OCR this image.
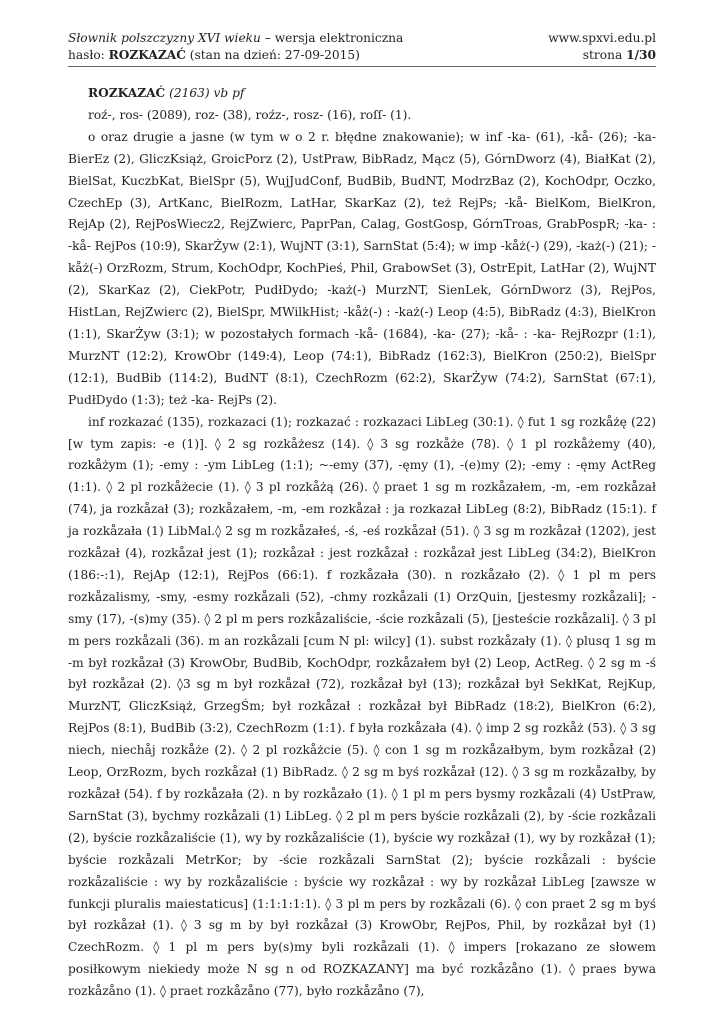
Słownik polszczyzny XVI wieku – wersja elektroniczna	www.spxvi.edu.pl
hasło: ROZKAZAĆ (stan na dzień: 27-09-2015)	strona 1/30

ROZKAZAĆ (2163) vb pf

roź-, ros- (2089), roz- (38), roźz-, rosz- (16), roſſ- (1).

o oraz drugie a jasne (w tym w o 2 r. błędne znakowanie); w inf -ka- (61), -kå- (26); -ka- BierEz (2), GliczKsiąż, GroicPorz (2), UstPraw, BibRadz, Mącz (5), GórnDworz (4), BiałKat (2), BielSat, KuczbKat, BielSpr (5), WujJudConf, BudBib, BudNT, ModrzBaz (2), KochOdpr, Oczko, CzechEp (3), ArtKanc, BielRozm, LatHar, SkarKaz (2), też RejPs; -kå- BielKom, BielKron, RejAp (2), RejPosWiecz2, RejZwierc, PaprPan, Calag, GostGosp, GórnTroas, GrabPospR; -ka- : -kå- RejPos (10:9), SkarŻyw (2:1), WujNT (3:1), SarnStat (5:4); w imp -kåż(-) (29), -każ(-) (21); -kåż(-) OrzRozm, Strum, KochOdpr, KochPieś, Phil, GrabowSet (3), OstrEpit, LatHar (2), WujNT (2), SkarKaz (2), CiekPotr, PudłDydo; -każ(-) MurzNT, SienLek, GórnDworz (3), RejPos, HistLan, RejZwierc (2), BielSpr, MWilkHist; -kåż(-) : -każ(-) Leop (4:5), BibRadz (4:3), BielKron (1:1), SkarŻyw (3:1); w pozostałych formach -kå- (1684), -ka- (27); -kå- : -ka- RejRozpr (1:1), MurzNT (12:2), KrowObr (149:4), Leop (74:1), BibRadz (162:3), BielKron (250:2), BielSpr (12:1), BudBib (114:2), BudNT (8:1), CzechRozm (62:2), SkarŻyw (74:2), SarnStat (67:1), PudłDydo (1:3); też -ka- RejPs (2).

inf rozkazać (135), rozkazaci (1); rozkazać : rozkazaci LibLeg (30:1). ◊ fut 1 sg rozkåżę (22) [w tym zapis: -e (1)]. ◊ 2 sg rozkåżesz (14). ◊ 3 sg rozkåże (78). ◊ 1 pl rozkåżemy (40), rozkåżym (1); -emy : -ym LibLeg (1:1); ~-emy (37), -ęmy (1), -(e)my (2); -emy : -ęmy ActReg (1:1). ◊ 2 pl rozkåżecie (1). ◊ 3 pl rozkåżą (26). ◊ praet 1 sg m rozkåzałem, -m, -em rozkåzał (74), ja rozkåzał (3); rozkåzałem, -m, -em rozkåzał : ja rozkazał LibLeg (8:2), BibRadz (15:1). f ja rozkåzała (1) LibMal.◊ 2 sg m rozkåzałeś, -ś, -eś rozkåzał (51). ◊ 3 sg m rozkåzał (1202), jest rozkåzał (4), rozkåzał jest (1); rozkåzał : jest rozkåzał : rozkåzał jest LibLeg (34:2), BielKron (186:-:1), RejAp (12:1), RejPos (66:1). f rozkåzała (30). n rozkåzało (2). ◊ 1 pl m pers rozkåzalismy, -smy, -esmy rozkåzali (52), -chmy rozkåzali (1) OrzQuin, [jestesmy rozkåzali]; -smy (17), -(s)my (35). ◊ 2 pl m pers rozkåzaliście, -ście rozkåzali (5), [jesteście rozkåzali]. ◊ 3 pl m pers rozkåzali (36). m an rozkåzali [cum N pl: wilcy] (1). subst rozkåzały (1). ◊ plusq 1 sg m -m był rozkåzał (3) KrowObr, BudBib, KochOdpr, rozkåzałem był (2) Leop, ActReg. ◊ 2 sg m -ś był rozkåzał (2). ◊3 sg m był rozkåzał (72), rozkåzał był (13); rozkåzał był SekłKat, RejKup, MurzNT, GliczKsiąż, GrzegŚm; był rozkåzał : rozkåzał był BibRadz (18:2), BielKron (6:2), RejPos (8:1), BudBib (3:2), CzechRozm (1:1). f była rozkåzała (4). ◊ imp 2 sg rozkåż (53). ◊ 3 sg niech, niechåj rozkåże (2). ◊ 2 pl rozkåżcie (5). ◊ con 1 sg m rozkåzałbym, bym rozkåzał (2) Leop, OrzRozm, bych rozkåzał (1) BibRadz. ◊ 2 sg m byś rozkåzał (12). ◊ 3 sg m rozkåzałby, by rozkåzał (54). f by rozkåzała (2). n by rozkåzało (1). ◊ 1 pl m pers bysmy rozkåzali (4) UstPraw, SarnStat (3), bychmy rozkåzali (1) LibLeg. ◊ 2 pl m pers byście rozkåzali (2), by -ście rozkåzali (2), byście rozkåzaliście (1), wy by rozkåzaliście (1), byście wy rozkåzał (1), wy by rozkåzał (1); byście rozkåzali MetrKor; by -ście rozkåzali SarnStat (2); byście rozkåzali : byście rozkåzaliście : wy by rozkåzaliście : byście wy rozkåzał : wy by rozkåzał LibLeg [zawsze w funkcji pluralis maiestaticus] (1:1:1:1:1). ◊ 3 pl m pers by rozkåzali (6). ◊ con praet 2 sg m byś był rozkåzał (1). ◊ 3 sg m by był rozkåzał (3) KrowObr, RejPos, Phil, by rozkåzał był (1) CzechRozm. ◊ 1 pl m pers by(s)my byli rozkåzali (1). ◊ impers [rokazano ze słowem posiłkowym niekiedy może N sg n od ROZKAZANY] ma być rozkåzåno (1). ◊ praes bywa rozkåzåno (1). ◊ praet rozkåzåno (77), było rozkåzåno (7),
